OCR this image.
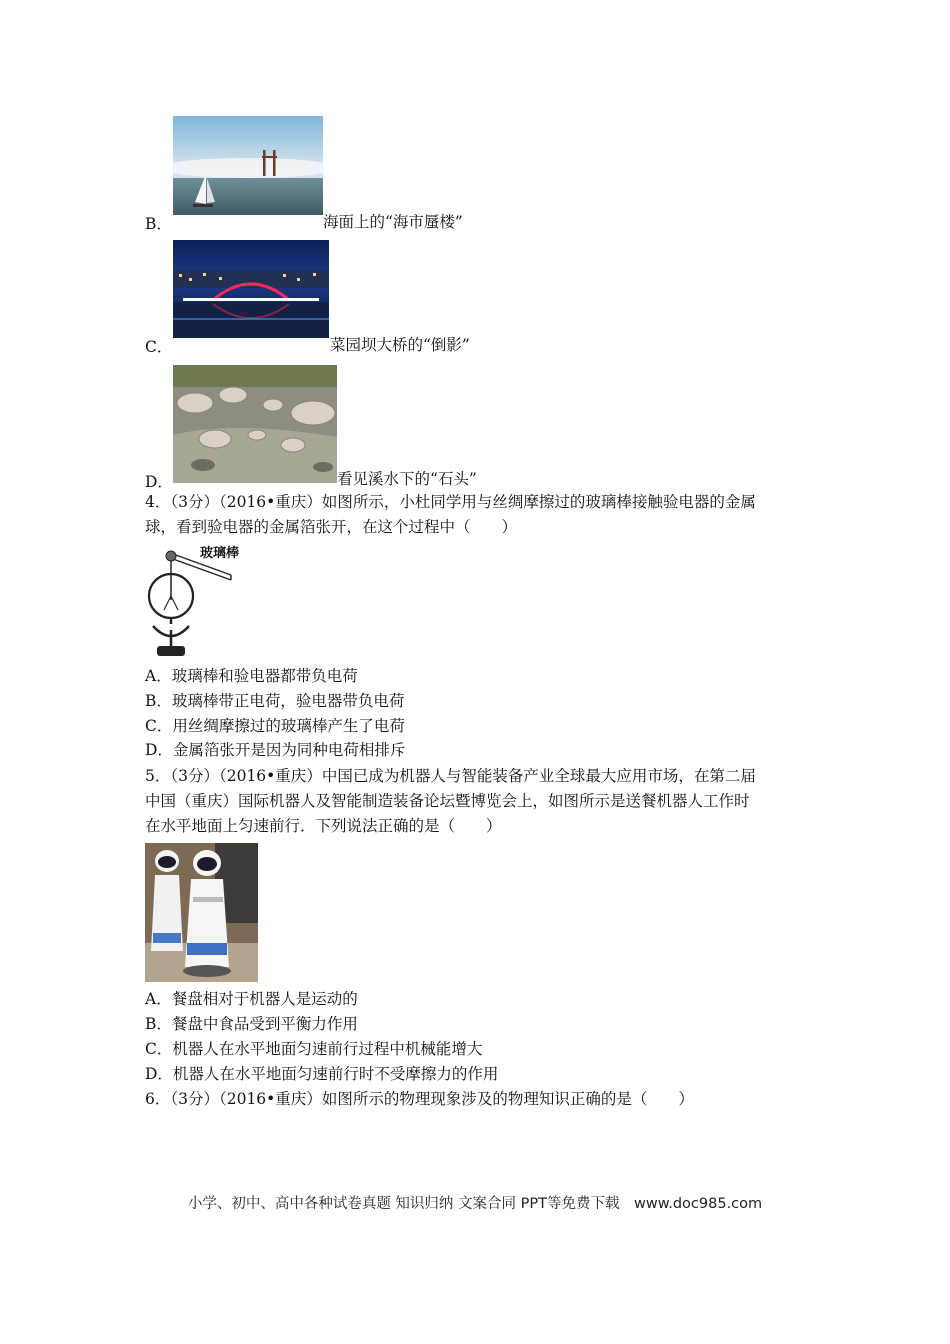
B．	海面上的“海市蜃楼”
C．	菜园坝大桥的“倒影”
D．	看见溪水下的“石头”
4．（3分）（2016•重庆）如图所示，小杜同学用与丝绸摩擦过的玻璃棒接触验电器的金属
球，看到验电器的金属箔张开，在这个过程中（　　）
玻璃棒
A．玻璃棒和验电器都带负电荷
B．玻璃棒带正电荷，验电器带负电荷
C．用丝绸摩擦过的玻璃棒产生了电荷
D．金属箔张开是因为同种电荷相排斥
5．（3分）（2016•重庆）中国已成为机器人与智能装备产业全球最大应用市场，在第二届
中国（重庆）国际机器人及智能制造装备论坛暨博览会上，如图所示是送餐机器人工作时
在水平地面上匀速前行．下列说法正确的是（　　）
A．餐盘相对于机器人是运动的
B．餐盘中食品受到平衡力作用
C．机器人在水平地面匀速前行过程中机械能增大
D．机器人在水平地面匀速前行时不受摩擦力的作用
6．（3分）（2016•重庆）如图所示的物理现象涉及的物理知识正确的是（　　）
小学、初中、高中各种试卷真题 知识归纳 文案合同 PPT等免费下载　www.doc985.com
